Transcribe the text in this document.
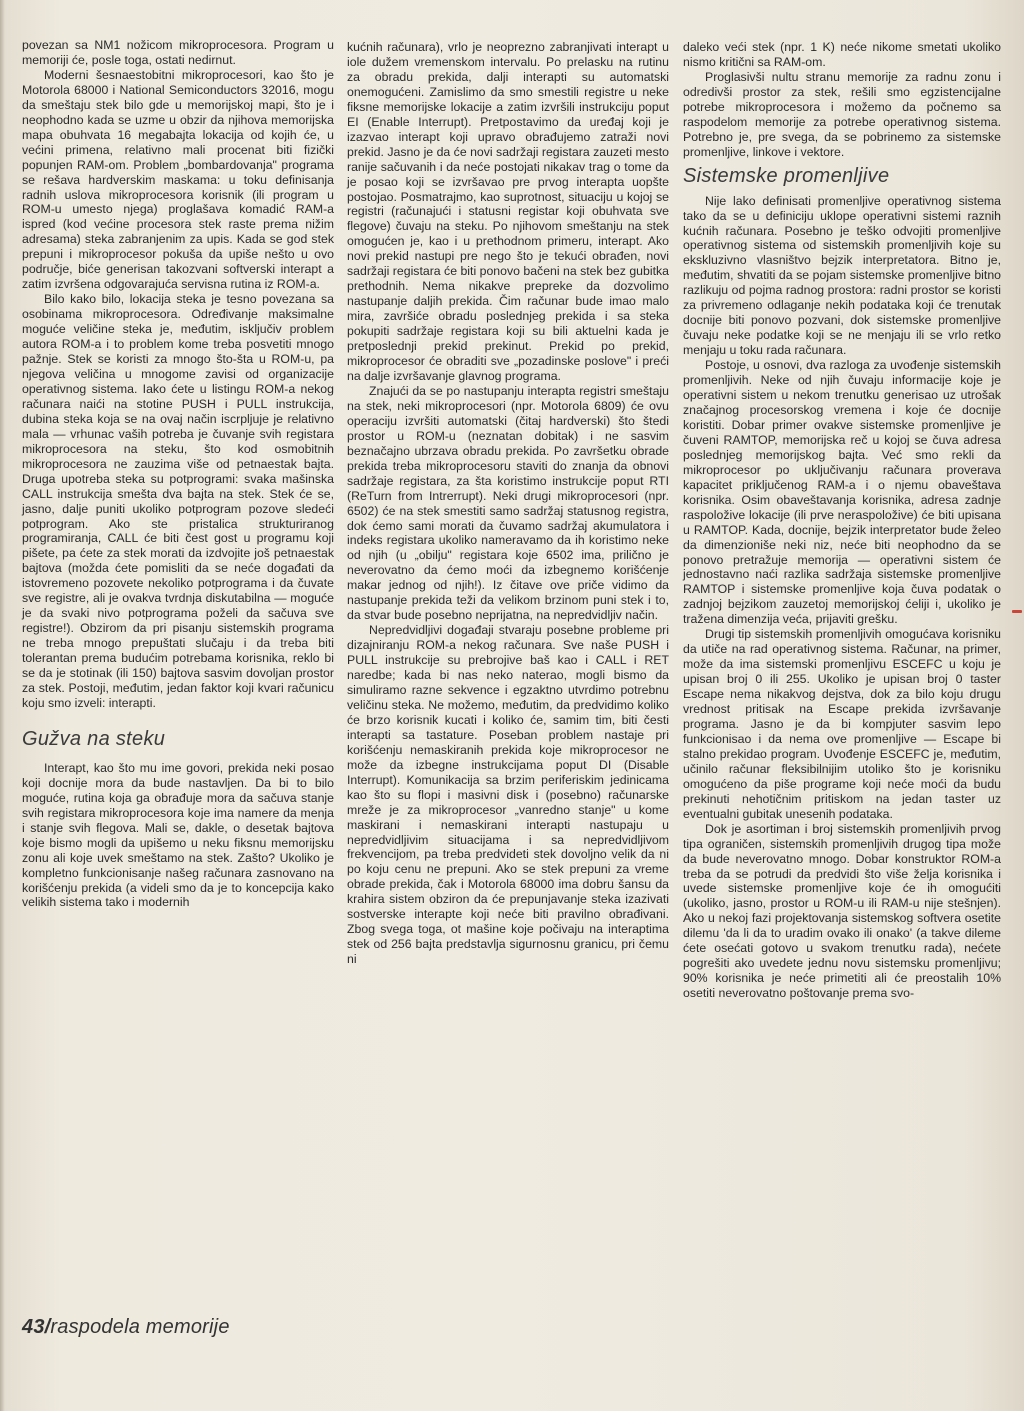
povezan sa NM1 nožicom mikroprocesora. Program u memoriji će, posle toga, ostati nedirnut.

Moderni šesnaestobitni mikroprocesori, kao što je Motorola 68000 i National Semiconductors 32016, mogu da smeštaju stek bilo gde u memorijskoj mapi, što je i neophodno kada se uzme u obzir da njihova memorijska mapa obuhvata 16 megabajta lokacija od kojih će, u većini primena, relativno mali procenat biti fizički popunjen RAM-om. Problem „bombardovanja" programa se rešava hardverskim maskama: u toku definisanja radnih uslova mikroprocesora korisnik (ili program u ROM-u umesto njega) proglašava komadić RAM-a ispred (kod većine procesora stek raste prema nižim adresama) steka zabranjenim za upis. Kada se god stek prepuni i mikroprocesor pokuša da upiše nešto u ovo područje, biće generisan takozvani softverski interapt a zatim izvršena odgovarajuća servisna rutina iz ROM-a.

Bilo kako bilo, lokacija steka je tesno povezana sa osobinama mikroprocesora. Određivanje maksimalne moguće veličine steka je, međutim, isključiv problem autora ROM-a i to problem kome treba posvetiti mnogo pažnje. Stek se koristi za mnogo što-šta u ROM-u, pa njegova veličina u mnogome zavisi od organizacije operativnog sistema. Iako ćete u listingu ROM-a nekog računara naići na stotine PUSH i PULL instrukcija, dubina steka koja se na ovaj način iscrpljuje je relativno mala — vrhunac vaših potreba je čuvanje svih registara mikroprocesora na steku, što kod osmobitnih mikroprocesora ne zauzima više od petnaestak bajta. Druga upotreba steka su potprogrami: svaka mašinska CALL instrukcija smešta dva bajta na stek. Stek će se, jasno, dalje puniti ukoliko potprogram pozove sledeći potprogram. Ako ste pristalica strukturiranog programiranja, CALL će biti čest gost u programu koji pišete, pa ćete za stek morati da izdvojite još petnaestak bajtova (možda ćete pomisliti da se neće događati da istovremeno pozovete nekoliko potprograma i da čuvate sve registre, ali je ovakva tvrdnja diskutabilna — moguće je da svaki nivo potprograma poželi da sačuva sve registre!). Obzirom da pri pisanju sistemskih programa ne treba mnogo prepuštati slučaju i da treba biti tolerantan prema budućim potrebama korisnika, reklo bi se da je stotinak (ili 150) bajtova sasvim dovoljan prostor za stek. Postoji, međutim, jedan faktor koji kvari računicu koju smo izveli: interapti.

Gužva na steku

Interapt, kao što mu ime govori, prekida neki posao koji docnije mora da bude nastavljen. Da bi to bilo moguće, rutina koja ga obrađuje mora da sačuva stanje svih registara mikroprocesora koje ima namere da menja i stanje svih flegova. Mali se, dakle, o desetak bajtova koje bismo mogli da upišemo u neku fiksnu memorijsku zonu ali koje uvek smeštamo na stek. Zašto? Ukoliko je kompletno funkcionisanje našeg računara zasnovano na korišćenju prekida (a videli smo da je to koncepcija kako velikih sistema tako i modernih

kućnih računara), vrlo je neoprezno zabranjivati interapt u iole dužem vremenskom intervalu. Po prelasku na rutinu za obradu prekida, dalji interapti su automatski onemogućeni. Zamislimo da smo smestili registre u neke fiksne memorijske lokacije a zatim izvršili instrukciju poput EI (Enable Interrupt). Pretpostavimo da uređaj koji je izazvao interapt koji upravo obrađujemo zatraži novi prekid. Jasno je da će novi sadržaji registara zauzeti mesto ranije sačuvanih i da neće postojati nikakav trag o tome da je posao koji se izvršavao pre prvog interapta uopšte postojao. Posmatrajmo, kao suprotnost, situaciju u kojoj se registri (računajući i statusni registar koji obuhvata sve flegove) čuvaju na steku. Po njihovom smeštanju na stek omogućen je, kao i u prethodnom primeru, interapt. Ako novi prekid nastupi pre nego što je tekući obrađen, novi sadržaji registara će biti ponovo bačeni na stek bez gubitka prethodnih. Nema nikakve prepreke da dozvolimo nastupanje daljih prekida. Čim računar bude imao malo mira, završiće obradu poslednjeg prekida i sa steka pokupiti sadržaje registara koji su bili aktuelni kada je pretposlednji prekid prekinut. Prekid po prekid, mikroprocesor će obraditi sve „pozadinske poslove" i preći na dalje izvršavanje glavnog programa.

Znajući da se po nastupanju interapta registri smeštaju na stek, neki mikroprocesori (npr. Motorola 6809) će ovu operaciju izvršiti automatski (čitaj hardverski) što štedi prostor u ROM-u (neznatan dobitak) i ne sasvim beznačajno ubrzava obradu prekida. Po završetku obrade prekida treba mikroprocesoru staviti do znanja da obnovi sadržaje registara, za šta koristimo instrukcije poput RTI (ReTurn from Intrerrupt). Neki drugi mikroprocesori (npr. 6502) će na stek smestiti samo sadržaj statusnog registra, dok ćemo sami morati da čuvamo sadržaj akumulatora i indeks registara ukoliko nameravamo da ih koristimo neke od njih (u „obilju" registara koje 6502 ima, prilično je neverovatno da ćemo moći da izbegnemo korišćenje makar jednog od njih!). Iz čitave ove priče vidimo da nastupanje prekida teži da velikom brzinom puni stek i to, da stvar bude posebno neprijatna, na nepredvidljiv način.

Nepredvidljivi događaji stvaraju posebne probleme pri dizajniranju ROM-a nekog računara. Sve naše PUSH i PULL instrukcije su prebrojive baš kao i CALL i RET naredbe; kada bi nas neko naterao, mogli bismo da simuliramo razne sekvence i egzaktno utvrdimo potrebnu veličinu steka. Ne možemo, međutim, da predvidimo koliko će brzo korisnik kucati i koliko će, samim tim, biti česti interapti sa tastature. Poseban problem nastaje pri korišćenju nemaskiranih prekida koje mikroprocesor ne može da izbegne instrukcijama poput DI (Disable Interrupt). Komunikacija sa brzim periferiskim jedinicama kao što su flopi i masivni disk i (posebno) računarske mreže je za mikroprocesor „vanredno stanje" u kome maskirani i nemaskirani interapti nastupaju u nepredvidljivim situacijama i sa nepredvidljivom frekvencijom, pa treba predvideti stek dovoljno velik da ni po koju cenu ne prepuni. Ako se stek prepuni za vreme obrade prekida, čak i Motorola 68000 ima dobru šansu da krahira sistem obziron da će prepunjavanje steka izazivati sostverske interapte koji neće biti pravilno obrađivani. Zbog svega toga, ot mašine koje počivaju na interaptima stek od 256 bajta predstavlja sigurnosnu granicu, pri čemu ni

daleko veći stek (npr. 1 K) neće nikome smetati ukoliko nismo kritični sa RAM-om.

Proglasivši nultu stranu memorije za radnu zonu i odredivši prostor za stek, rešili smo egzistencijalne potrebe mikroprocesora i možemo da počnemo sa raspodelom memorije za potrebe operativnog sistema. Potrebno je, pre svega, da se pobrinemo za sistemske promenljive, linkove i vektore.

Sistemske promenljive

Nije lako definisati promenljive operativnog sistema tako da se u definiciju uklope operativni sistemi raznih kućnih računara. Posebno je teško odvojiti promenljive operativnog sistema od sistemskih promenljivih koje su ekskluzivno vlasništvo bejzik interpretatora. Bitno je, međutim, shvatiti da se pojam sistemske promenljive bitno razlikuju od pojma radnog prostora: radni prostor se koristi za privremeno odlaganje nekih podataka koji će trenutak docnije biti ponovo pozvani, dok sistemske promenljive čuvaju neke podatke koji se ne menjaju ili se vrlo retko menjaju u toku rada računara.

Postoje, u osnovi, dva razloga za uvođenje sistemskih promenljivih. Neke od njih čuvaju informacije koje je operativni sistem u nekom trenutku generisao uz utrošak značajnog procesorskog vremena i koje će docnije koristiti. Dobar primer ovakve sistemske promenljive je čuveni RAMTOP, memorijska reč u kojoj se čuva adresa poslednjeg memorijskog bajta. Već smo rekli da mikroprocesor po uključivanju računara proverava kapacitet priključenog RAM-a i o njemu obaveštava korisnika. Osim obaveštavanja korisnika, adresa zadnje raspoložive lokacije (ili prve neraspoložive) će biti upisana u RAMTOP. Kada, docnije, bejzik interpretator bude želeo da dimenzioniše neki niz, neće biti neophodno da se ponovo pretražuje memorija — operativni sistem će jednostavno naći razlika sadržaja sistemske promenljive RAMTOP i sistemske promenljive koja čuva podatak o zadnjoj bejzikom zauzetoj memorijskoj ćeliji i, ukoliko je tražena dimenzija veća, prijaviti grešku.

Drugi tip sistemskih promenljivih omogućava korisniku da utiče na rad operativnog sistema. Računar, na primer, može da ima sistemski promenljivu ESCEFC u koju je upisan broj 0 ili 255. Ukoliko je upisan broj 0 taster Escape nema nikakvog dejstva, dok za bilo koju drugu vrednost pritisak na Escape prekida izvršavanje programa. Jasno je da bi kompjuter sasvim lepo funkcionisao i da nema ove promenljive — Escape bi stalno prekidao program. Uvođenje ESCEFC je, međutim, učinilo računar fleksibilnijim utoliko što je korisniku omogućeno da piše programe koji neće moći da budu prekinuti nehotičnim pritiskom na jedan taster uz eventualni gubitak unesenih podataka.

Dok je asortiman i broj sistemskih promenljivih prvog tipa ograničen, sistemskih promenljivih drugog tipa može da bude neverovatno mnogo. Dobar konstruktor ROM-a treba da se potrudi da predvidi što više želja korisnika i uvede sistemske promenljive koje će ih omogućiti (ukoliko, jasno, prostor u ROM-u ili RAM-u nije stešnjen). Ako u nekoj fazi projektovanja sistemskog softvera osetite dilemu 'da li da to uradim ovako ili onako' (a takve dileme ćete osećati gotovo u svakom trenutku rada), nećete pogrešiti ako uvedete jednu novu sistemsku promenljivu; 90% korisnika je neće primetiti ali će preostalih 10% osetiti neverovatno poštovanje prema svo-

43/raspodela memorije
